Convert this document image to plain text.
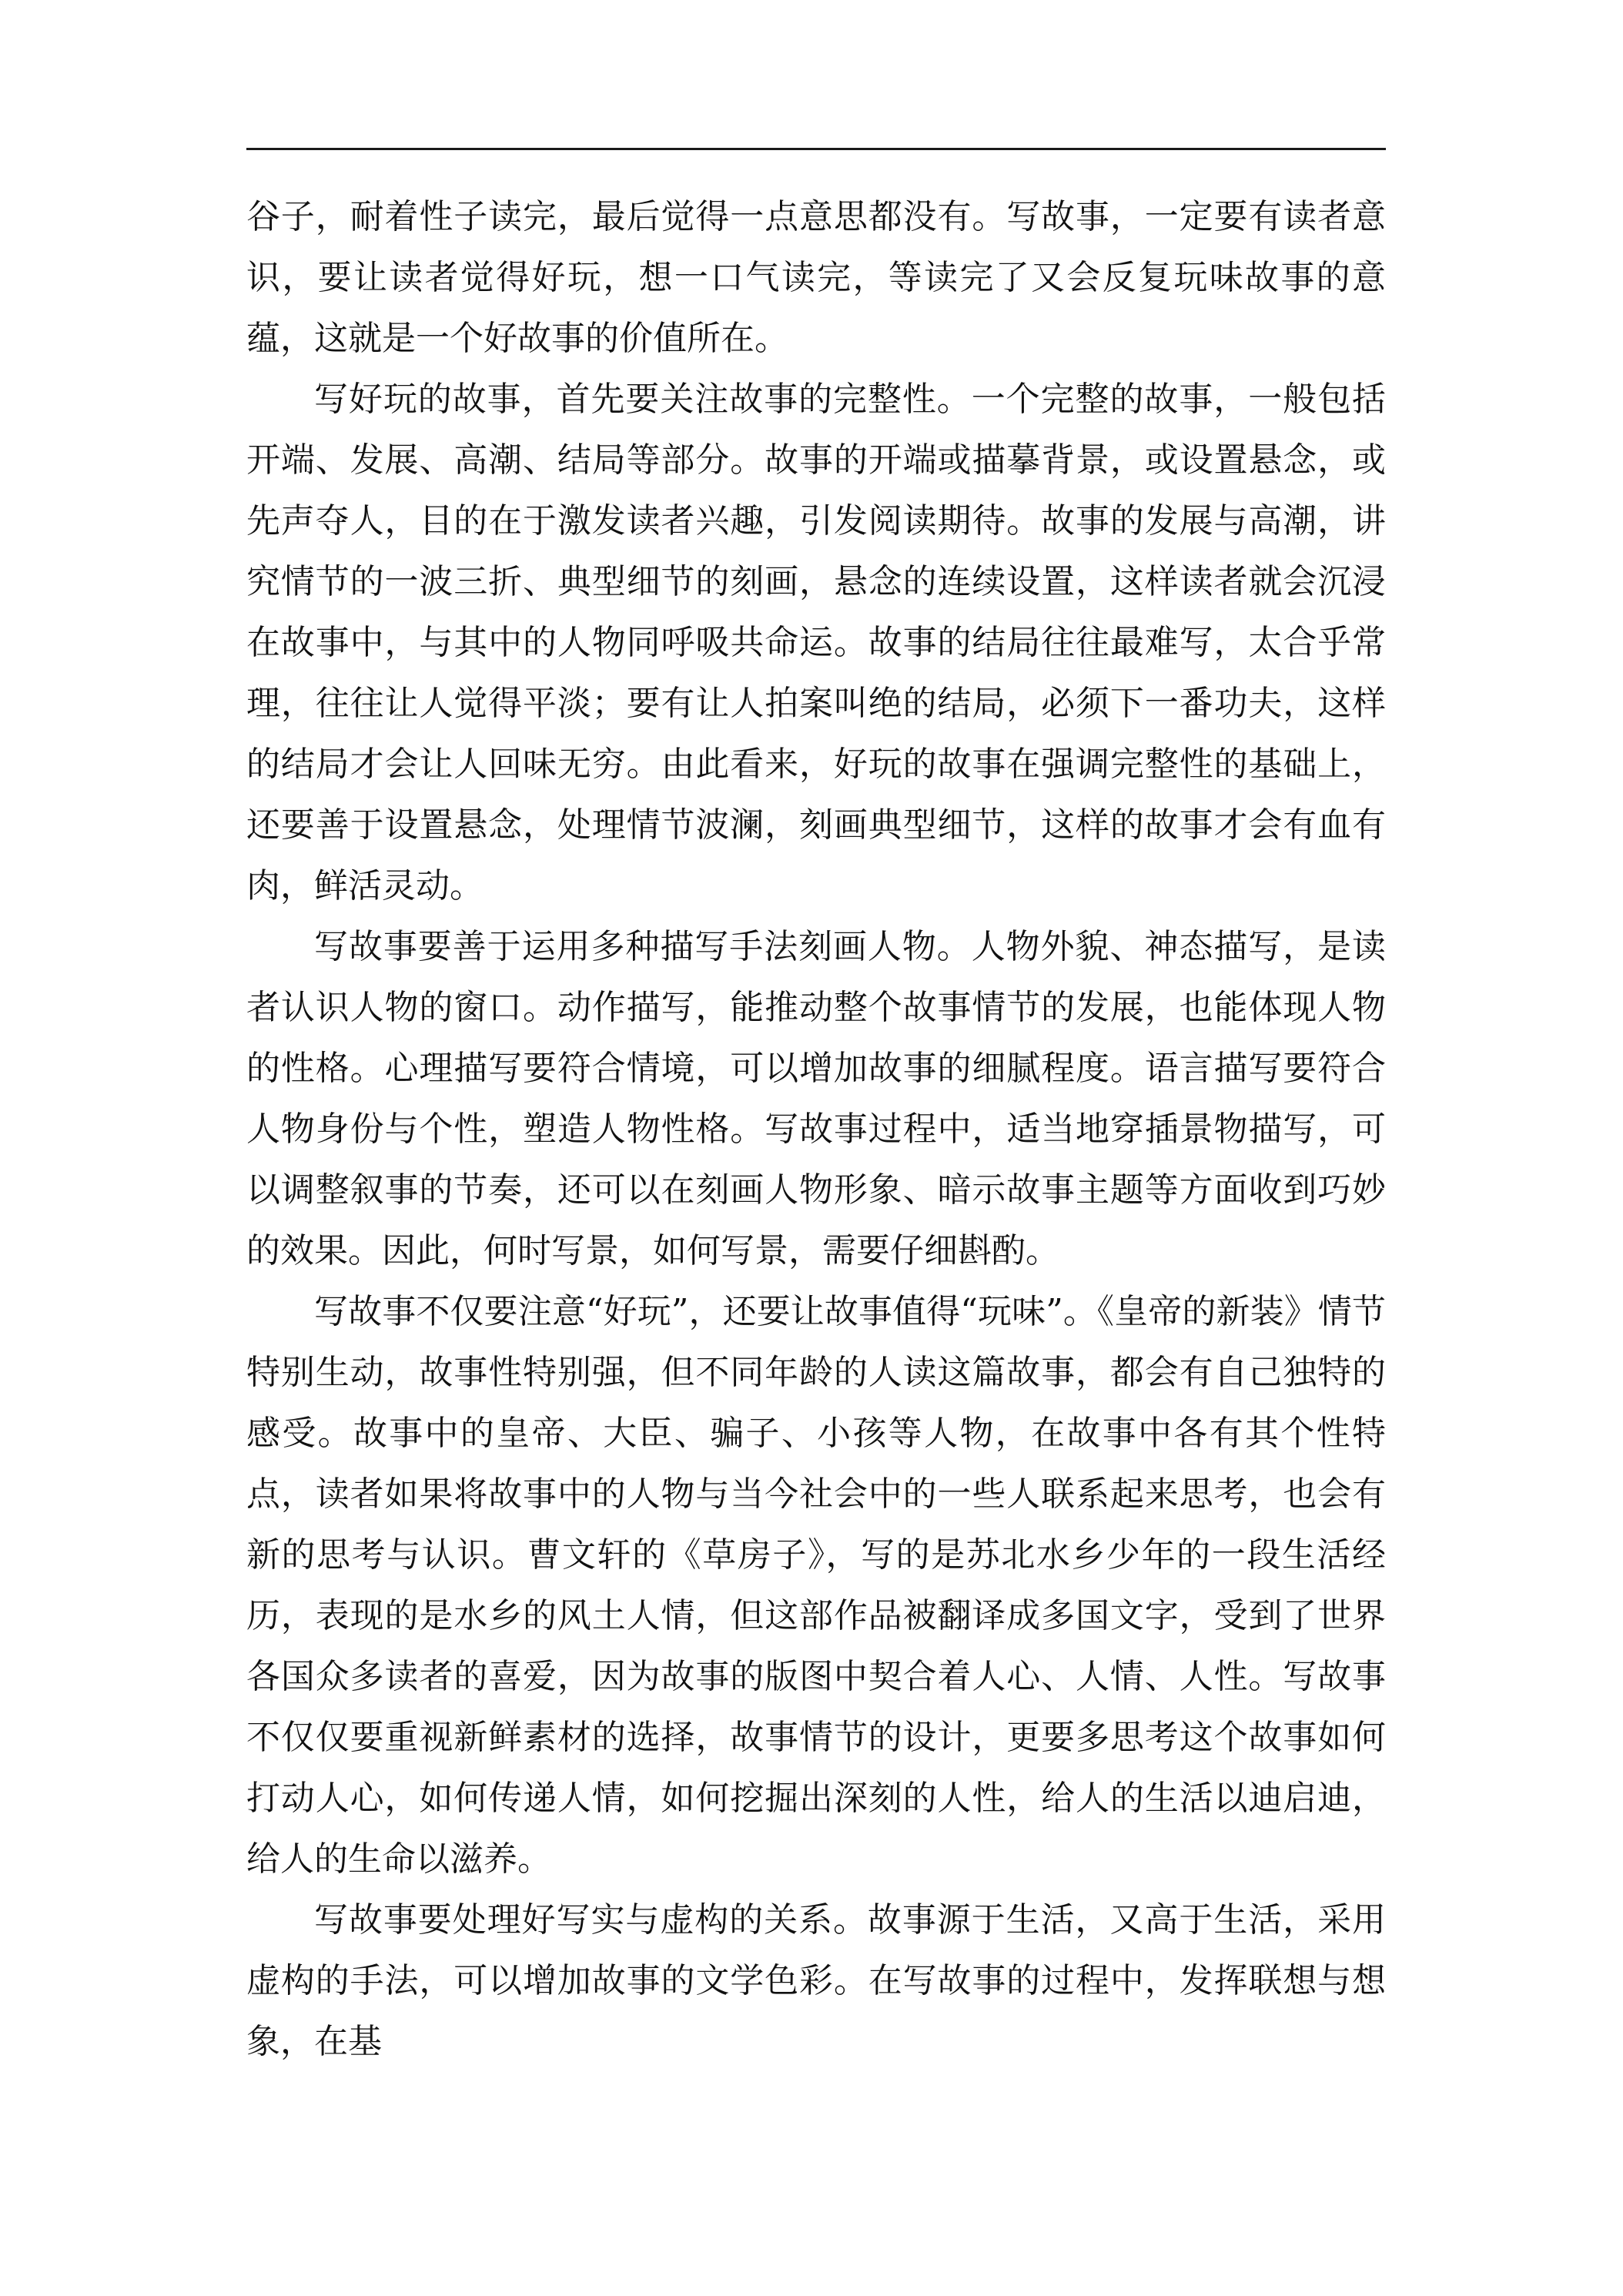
谷子，耐着性子读完，最后觉得一点意思都没有。写故事，一定要有读者意识，要让读者觉得好玩，想一口气读完，等读完了又会反复玩味故事的意蕴，这就是一个好故事的价值所在。

写好玩的故事，首先要关注故事的完整性。一个完整的故事，一般包括开端、发展、高潮、结局等部分。故事的开端或描摹背景，或设置悬念，或先声夺人，目的在于激发读者兴趣，引发阅读期待。故事的发展与高潮，讲究情节的一波三折、典型细节的刻画，悬念的连续设置，这样读者就会沉浸在故事中，与其中的人物同呼吸共命运。故事的结局往往最难写，太合乎常理，往往让人觉得平淡；要有让人拍案叫绝的结局，必须下一番功夫，这样的结局才会让人回味无穷。由此看来，好玩的故事在强调完整性的基础上，还要善于设置悬念，处理情节波澜，刻画典型细节，这样的故事才会有血有肉，鲜活灵动。

写故事要善于运用多种描写手法刻画人物。人物外貌、神态描写，是读者认识人物的窗口。动作描写，能推动整个故事情节的发展，也能体现人物的性格。心理描写要符合情境，可以增加故事的细腻程度。语言描写要符合人物身份与个性，塑造人物性格。写故事过程中，适当地穿插景物描写，可以调整叙事的节奏，还可以在刻画人物形象、暗示故事主题等方面收到巧妙的效果。因此，何时写景，如何写景，需要仔细斟酌。

写故事不仅要注意“好玩”，还要让故事值得“玩味”。《皇帝的新装》情节特别生动，故事性特别强，但不同年龄的人读这篇故事，都会有自己独特的感受。故事中的皇帝、大臣、骗子、小孩等人物，在故事中各有其个性特点，读者如果将故事中的人物与当今社会中的一些人联系起来思考，也会有新的思考与认识。曹文轩的《草房子》，写的是苏北水乡少年的一段生活经历，表现的是水乡的风土人情，但这部作品被翻译成多国文字，受到了世界各国众多读者的喜爱，因为故事的版图中契合着人心、人情、人性。写故事不仅仅要重视新鲜素材的选择，故事情节的设计，更要多思考这个故事如何打动人心，如何传递人情，如何挖掘出深刻的人性，给人的生活以迪启迪，给人的生命以滋养。

写故事要处理好写实与虚构的关系。故事源于生活，又高于生活，采用虚构的手法，可以增加故事的文学色彩。在写故事的过程中，发挥联想与想象，在基
